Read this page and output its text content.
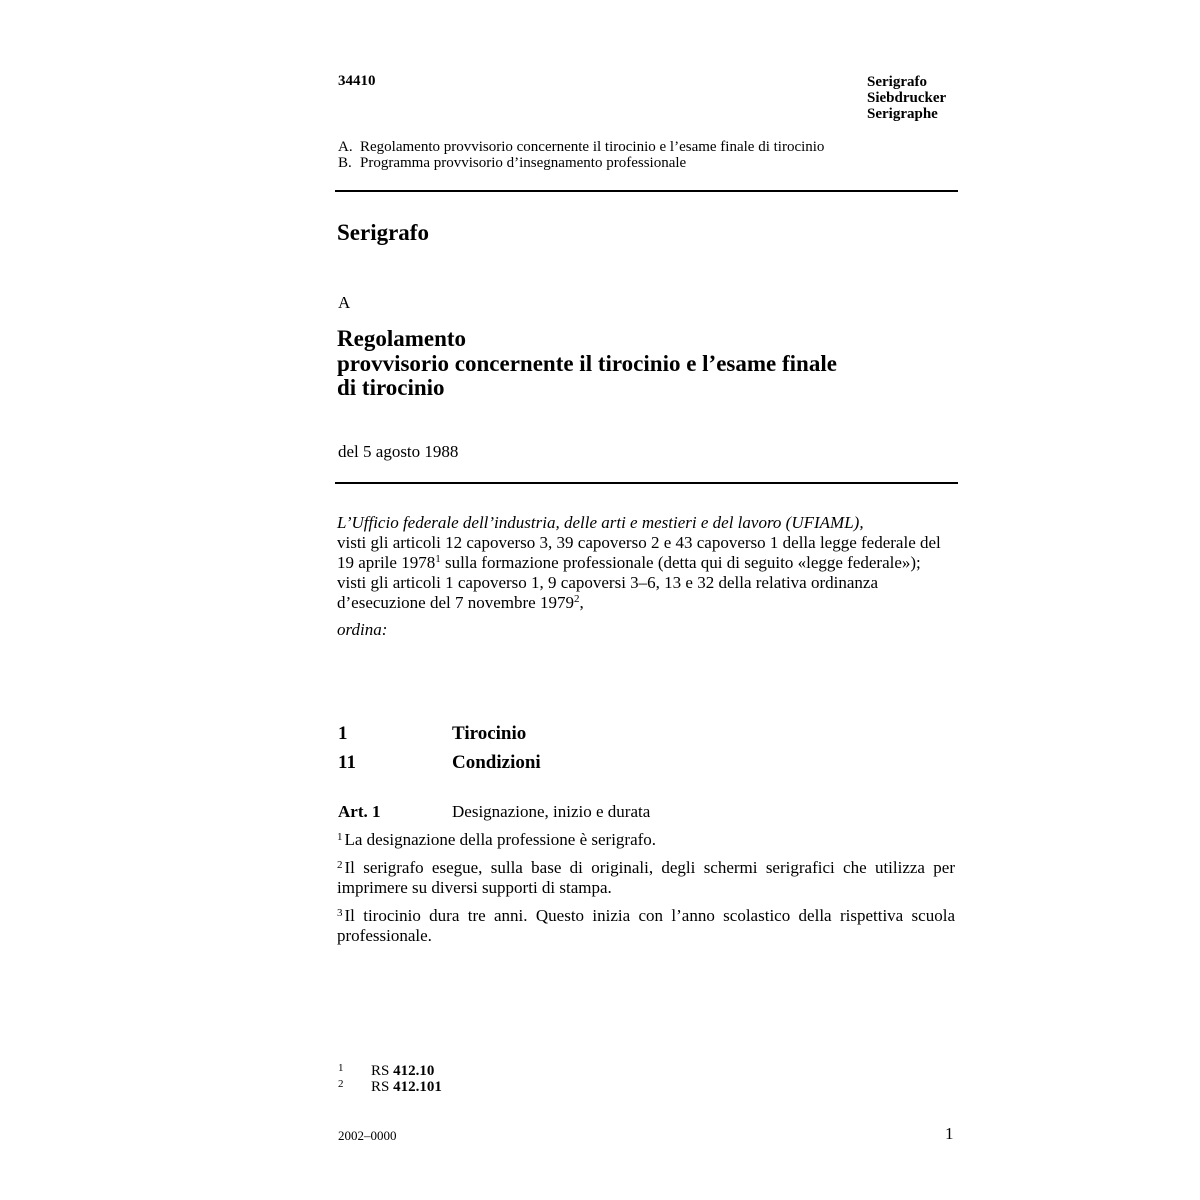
34410	Serigrafo
Siebdrucker
Serigraphe
A. Regolamento provvisorio concernente il tirocinio e l’esame finale di tirocinio
B. Programma provvisorio d’insegnamento professionale
Serigrafo
A
Regolamento
provvisorio concernente il tirocinio e l’esame finale
di tirocinio
del 5 agosto 1988

L’Ufficio federale dell’industria, delle arti e mestieri e del lavoro (UFIAML),

visti gli articoli 12 capoverso 3, 39 capoverso 2 e 43 capoverso 1 della legge federale del 19 aprile 1978$^1$ sulla formazione professionale (detta qui di seguito «legge federale»);

visti gli articoli 1 capoverso 1, 9 capoversi 3–6, 13 e 32 della relativa ordinanza d’esecuzione del 7 novembre 1979$^2$,

ordina:

1	Tirocinio
11	Condizioni
Art. 1	Designazione, inizio e durata

$^1$ La designazione della professione è serigrafo.

$^2$ Il serigrafo esegue, sulla base di originali, degli schermi serigrafici che utilizza per imprimere su diversi supporti di stampa.

$^3$ Il tirocinio dura tre anni. Questo inizia con l’anno scolastico della rispettiva scuola professionale.

1 RS 412.10
2 RS 412.101
2002–0000	1
